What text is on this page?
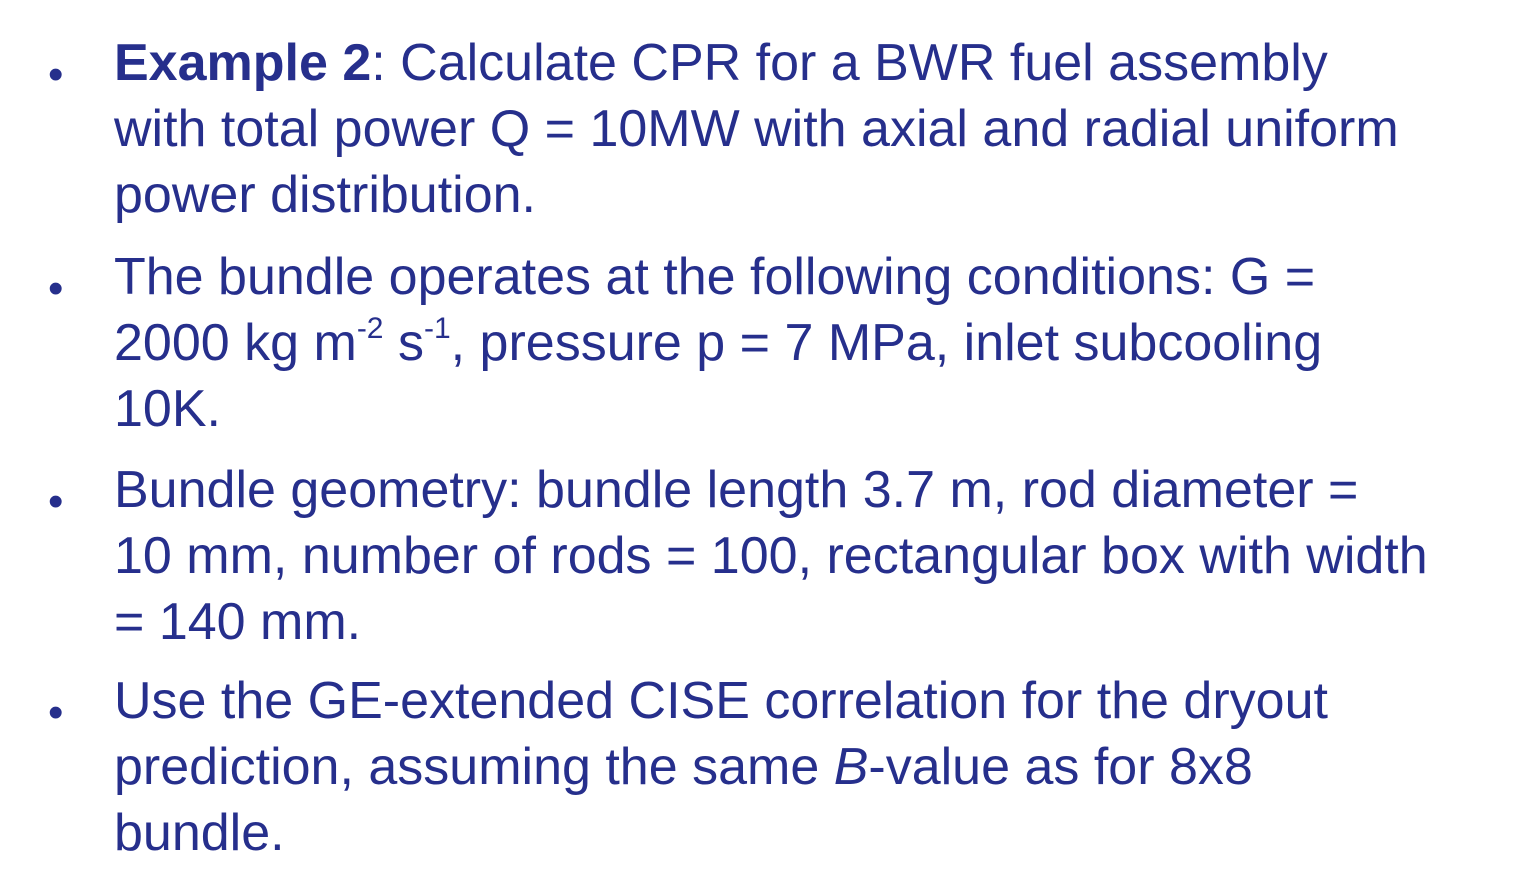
• Example 2: Calculate CPR for a BWR fuel assembly
with total power Q = 10MW with axial and radial uniform
power distribution.
• The bundle operates at the following conditions: G =
2000 kg $m^{-2}$ $s^{-1}$, pressure p = 7 MPa, inlet subcooling
10K.
• Bundle geometry: bundle length 3.7 m, rod diameter =
10 mm, number of rods = 100, rectangular box with width
= 140 mm.
• Use the GE-extended CISE correlation for the dryout
prediction, assuming the same B-value as for 8x8
bundle.
